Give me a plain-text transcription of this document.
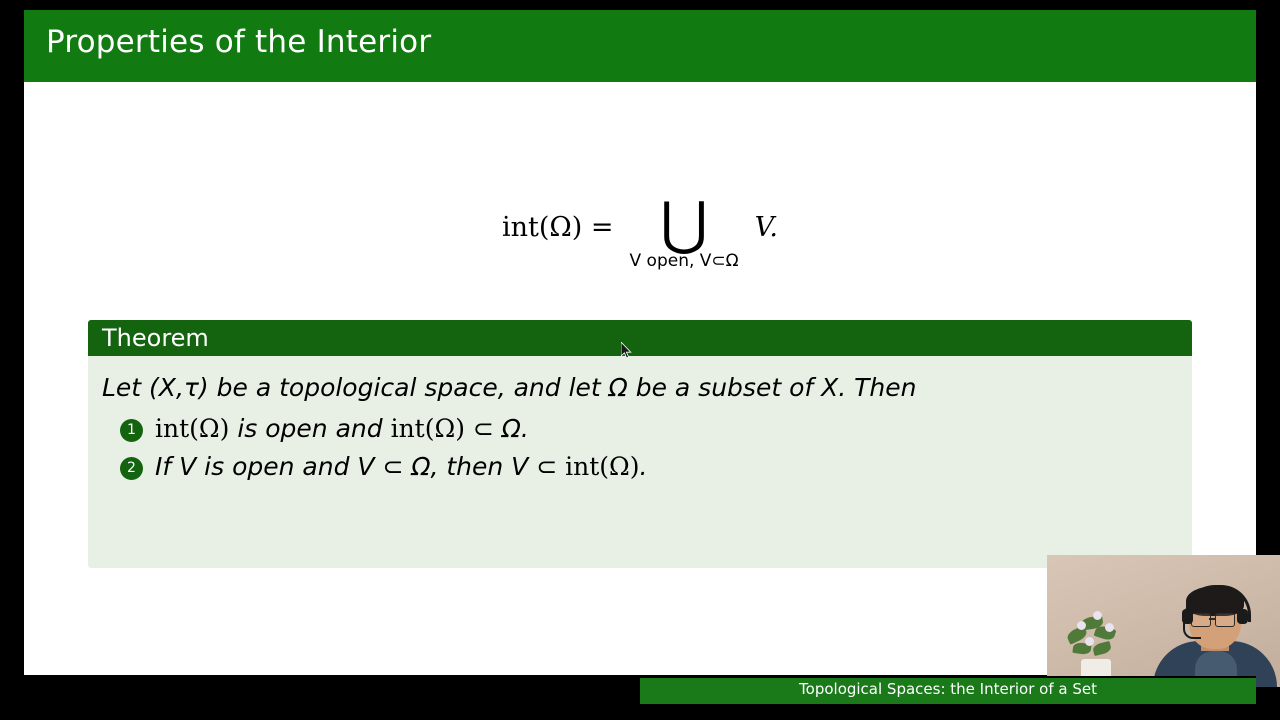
Properties of the Interior
int(Ω) = ⋃
V open, V⊂Ω
V.
Theorem
Let (X,τ) be a topological space, and let Ω be a subset of X. Then
1 int(Ω) is open and int(Ω) ⊂ Ω.
2 If V is open and V ⊂ Ω, then V ⊂ int(Ω).
Topological Spaces: the Interior of a Set
